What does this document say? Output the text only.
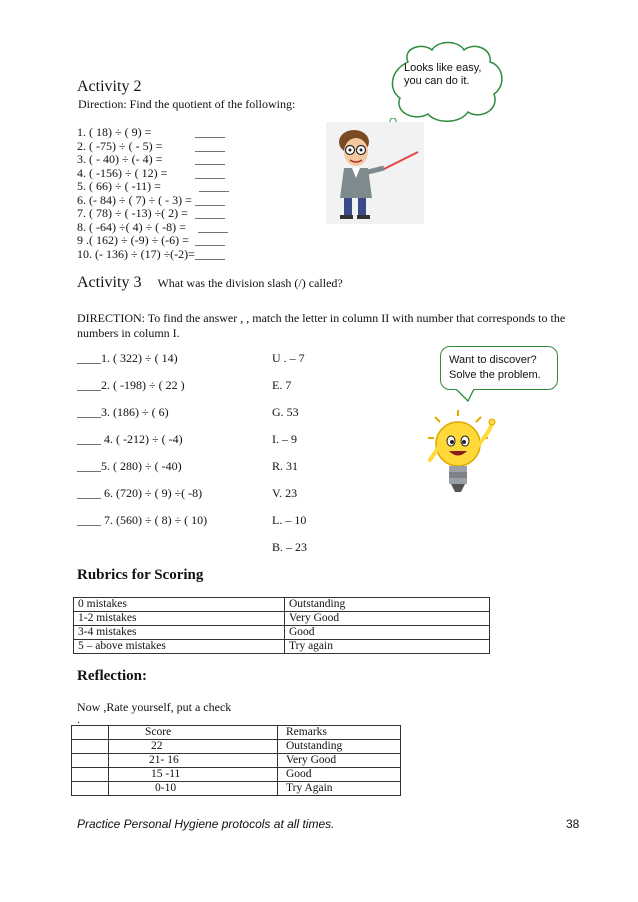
Activity 2
Direction: Find the quotient of the following:
1. ( 18) ÷ ( 9) =	_____
2. ( -75) ÷ ( - 5) =	_____
3. ( - 40) ÷ (- 4) =	_____
4. ( -156) ÷ ( 12) = _____
5. ( 66) ÷ ( -11) =	_____
6. (- 84) ÷ ( 7) ÷ ( - 3) = _____
7. ( 78) ÷ ( -13) ÷( 2) = _____
8. ( -64) ÷( 4) ÷ ( -8) = _____
9 .( 162) ÷ (-9) ÷ (-6) = _____
10. (- 136) ÷ (17) ÷(-2)= _____
Looks like easy, you can do it.
Activity 3 What was the division slash (/) called?
DIRECTION: To find the answer , , match the letter in column II with number that corresponds to the numbers in column I.
____1. ( 322) ÷ ( 14)
____2. ( -198) ÷ ( 22 )
____3. (186) ÷ ( 6)
____ 4. ( -212) ÷ ( -4)
____5. ( 280) ÷ ( -40)
____ 6. (720) ÷ ( 9) ÷( -8)
____ 7. (560) ÷ ( 8) ÷ ( 10)
U . – 7
E. 7
G. 53
I. – 9
R. 31
V. 23
L. – 10
B. – 23
Want to discover? Solve the problem.
Rubrics for Scoring
0 mistakes	Outstanding
1-2 mistakes	Very Good
3-4 mistakes	Good
5 – above mistakes	Try again
Reflection:
Now ,Rate yourself, put a check
.
	Score	Remarks
	22	Outstanding
	21- 16	Very Good
	15 -11	Good
	0-10	Try Again
Practice Personal Hygiene protocols at all times.	38
